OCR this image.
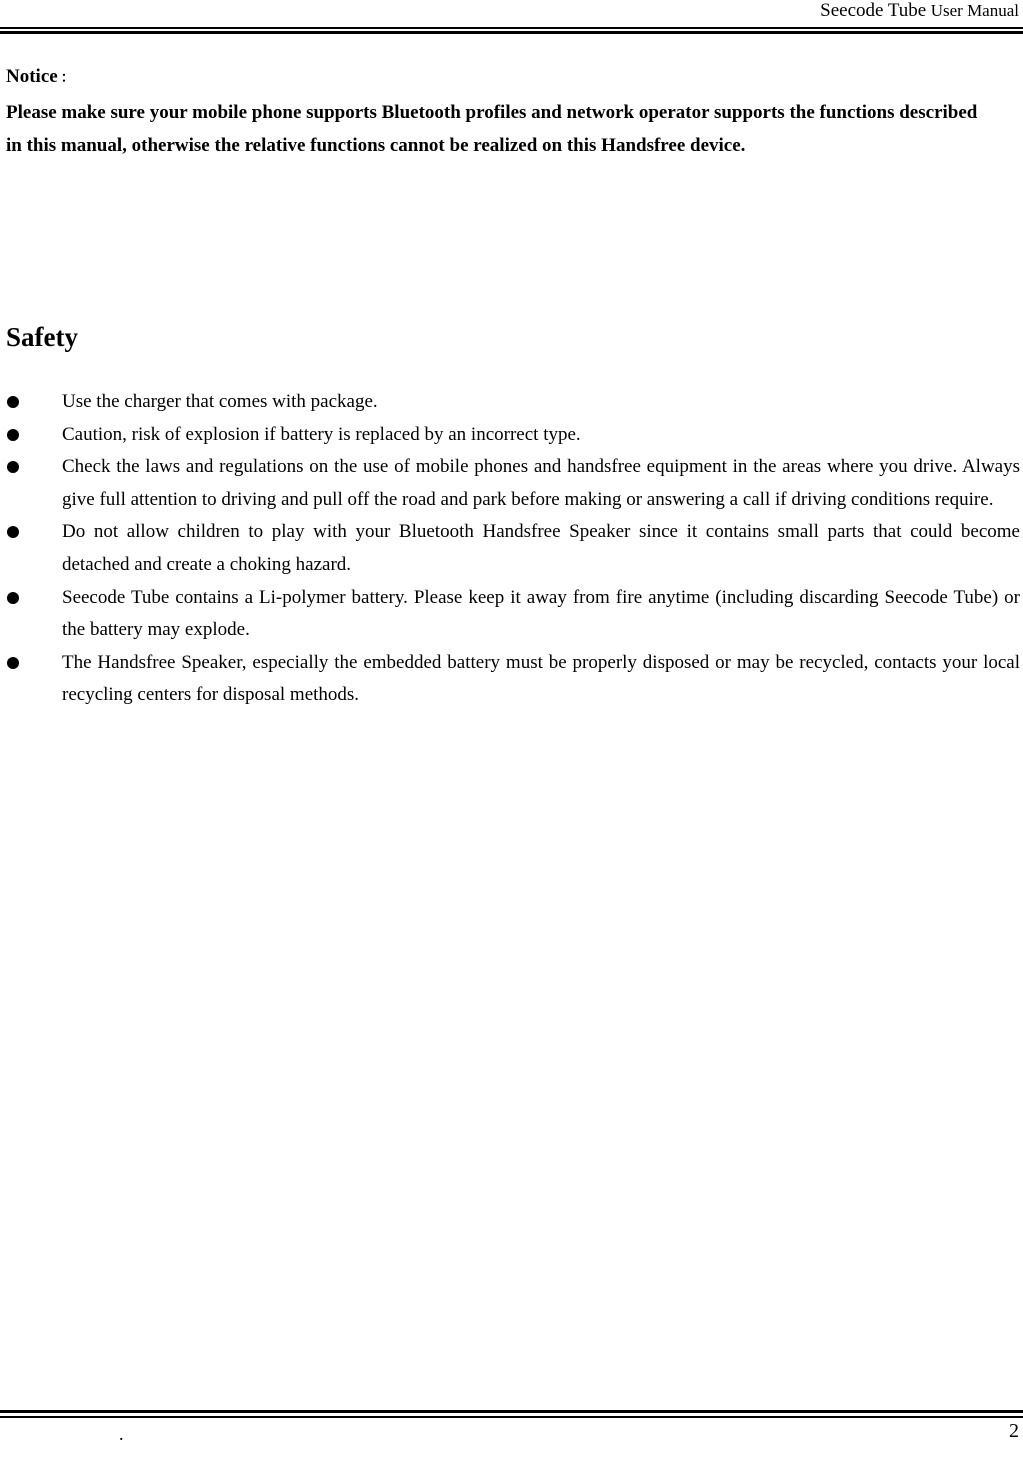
Seecode Tube User Manual
Notice ：
Please make sure your mobile phone supports Bluetooth profiles and network operator supports the functions described in this manual, otherwise the relative functions cannot be realized on this Handsfree device.
Safety
Use the charger that comes with package.
Caution, risk of explosion if battery is replaced by an incorrect type.
Check the laws and regulations on the use of mobile phones and handsfree equipment in the areas where you drive. Always give full attention to driving and pull off the road and park before making or answering a call if driving conditions require.
Do not allow children to play with your Bluetooth Handsfree Speaker since it contains small parts that could become detached and create a choking hazard.
Seecode Tube contains a Li-polymer battery. Please keep it away from fire anytime (including discarding Seecode Tube) or the battery may explode.
The Handsfree Speaker, especially the embedded battery must be properly disposed or may be recycled, contacts your local recycling centers for disposal methods.
.	2
